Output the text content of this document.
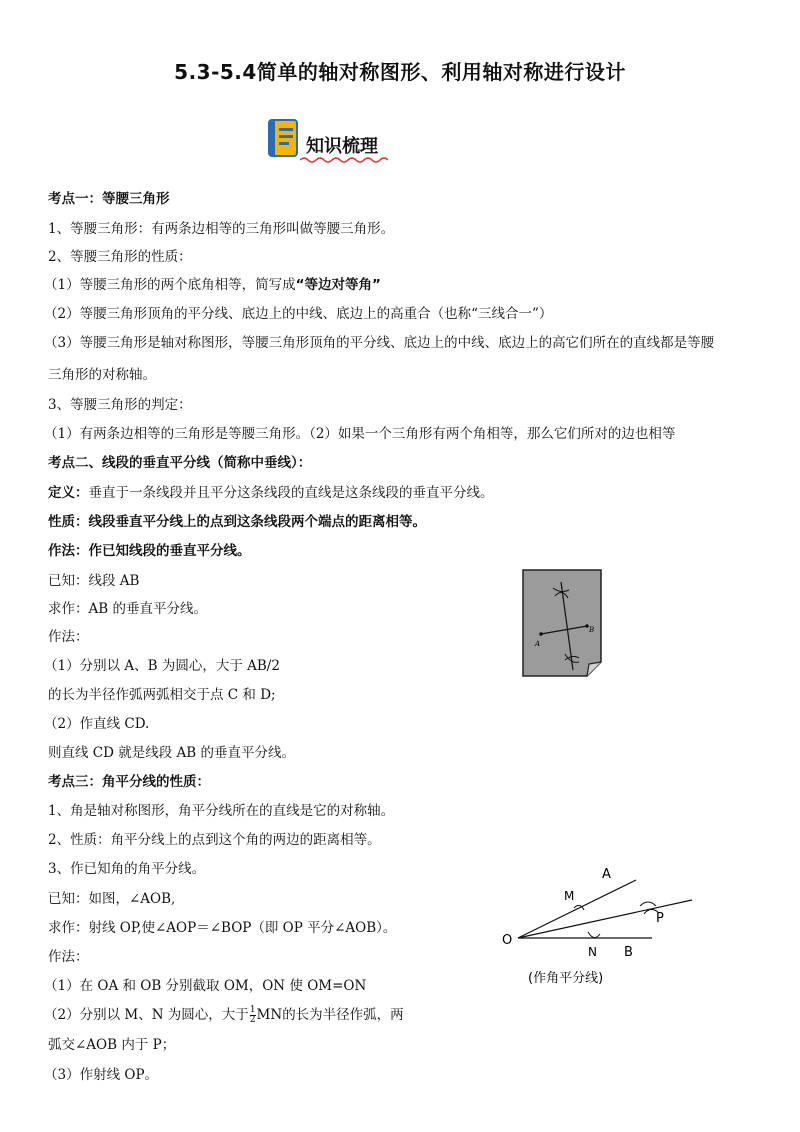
5.3-5.4简单的轴对称图形、利用轴对称进行设计
知识梳理
考点一：等腰三角形
1、等腰三角形：有两条边相等的三角形叫做等腰三角形。
2、等腰三角形的性质：
（1）等腰三角形的两个底角相等，简写成“等边对等角”
（2）等腰三角形顶角的平分线、底边上的中线、底边上的高重合（也称“三线合一”）
（3）等腰三角形是轴对称图形，等腰三角形顶角的平分线、底边上的中线、底边上的高它们所在的直线都是等腰
三角形的对称轴。
3、等腰三角形的判定：
（1）有两条边相等的三角形是等腰三角形。（2）如果一个三角形有两个角相等，那么它们所对的边也相等
考点二、线段的垂直平分线（简称中垂线）：
定义：垂直于一条线段并且平分这条线段的直线是这条线段的垂直平分线。
性质：线段垂直平分线上的点到这条线段两个端点的距离相等。
作法：作已知线段的垂直平分线。
已知：线段 AB
求作：AB 的垂直平分线。
作法：
（1）分别以 A、B 为圆心，大于 AB/2
的长为半径作弧两弧相交于点 C 和 D;
（2）作直线 CD.
则直线 CD 就是线段 AB 的垂直平分线。
考点三：角平分线的性质：
1、角是轴对称图形，角平分线所在的直线是它的对称轴。
2、性质：角平分线上的点到这个角的两边的距离相等。
3、作已知角的角平分线。
已知：如图，∠AOB,
求作：射线 OP,使∠AOP＝∠BOP（即 OP 平分∠AOB）。
作法：
（1）在 OA 和 OB 分别截取 OM，ON 使 OM=ON
（2）分别以 M、N 为圆心，大于 $\frac{1}{2}$ MN的长为半径作弧，两
弧交∠AOB 内于 P；
（3）作射线 OP。
A
B
A
M
P
O
N B
(作角平分线)
